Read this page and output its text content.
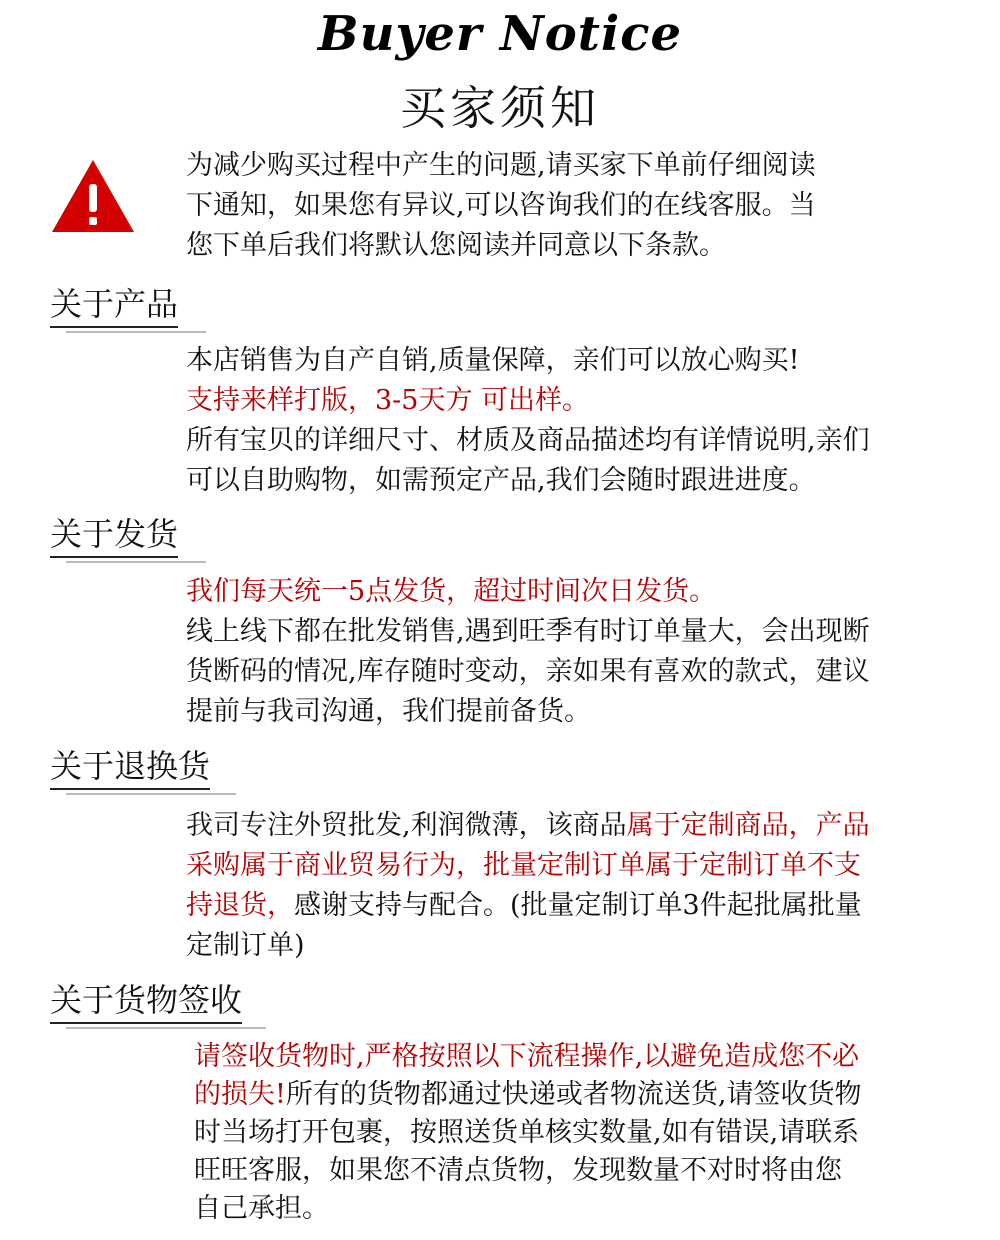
Buyer Notice
买家须知
为减少购买过程中产生的问题,请买家下单前仔细阅读
下通知，如果您有异议,可以咨询我们的在线客服。当
您下单后我们将默认您阅读并同意以下条款。
关于产品
本店销售为自产自销,质量保障，亲们可以放心购买!
支持来样打版，3-5天方 可出样。
所有宝贝的详细尺寸、材质及商品描述均有详情说明,亲们
可以自助购物，如需预定产品,我们会随时跟进进度。
关于发货
我们每天统一5点发货，超过时间次日发货。
线上线下都在批发销售,遇到旺季有时订单量大，会出现断
货断码的情况,库存随时变动，亲如果有喜欢的款式，建议
提前与我司沟通，我们提前备货。
关于退换货
我司专注外贸批发,利润微薄，该商品属于定制商品，产品
采购属于商业贸易行为，批量定制订单属于定制订单不支
持退货，感谢支持与配合。(批量定制订单3件起批属批量
定制订单)
关于货物签收
请签收货物时,严格按照以下流程操作,以避免造成您不必
的损失!所有的货物都通过快递或者物流送货,请签收货物
时当场打开包裹，按照送货单核实数量,如有错误,请联系
旺旺客服，如果您不清点货物，发现数量不对时将由您
自己承担。
